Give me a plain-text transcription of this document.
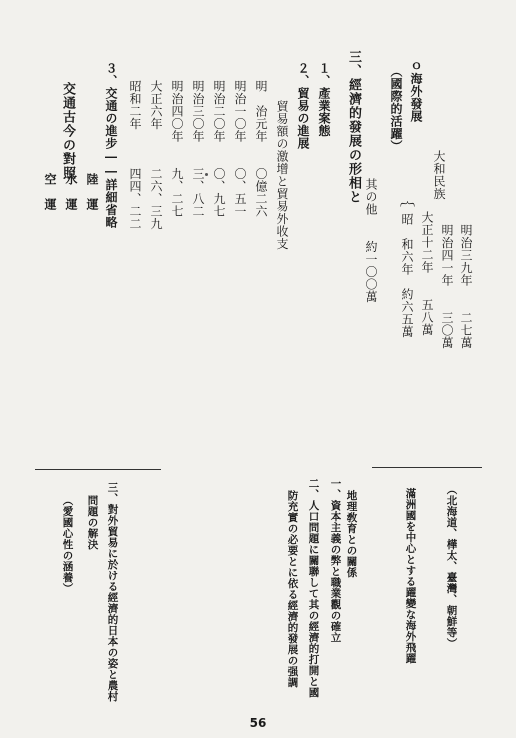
明治三九年　　二七萬
明治四一年　　三〇萬
大正十二年　　五八萬
昭　和六年　約六五萬
大和民族
｛
其の他　　約一〇〇萬
ｏ海外發展
（國際的活躍）
三、經濟的發展の形相と
１、產業案態
２、貿易の進展
貿易額の激增と貿易外收支
明　治元年　　〇億二六
明治一〇年　　〇、五一
明治二〇年　　〇、九七
明治三〇年　　三、八二
明治四〇年　　九、二七
大正六年　　　二六、三九
昭和二年　　　四四、二二
３、交通の進步――詳細省略
陸　運
水　運
空　運
交通古今の對照
（北海道、樺太、臺灣、朝鮮等）
滿洲國を中心とする躍變な海外飛躍
地理敎育との關係
一、資本主義の弊と職業觀の確立
二、人口問題に關聯して其の經濟的打開と國
防充實の必要とに依る經濟的發展の强調
三、對外貿易に於ける經濟的日本の姿と農村
問題の解決
（愛國心性の涵養）
56
